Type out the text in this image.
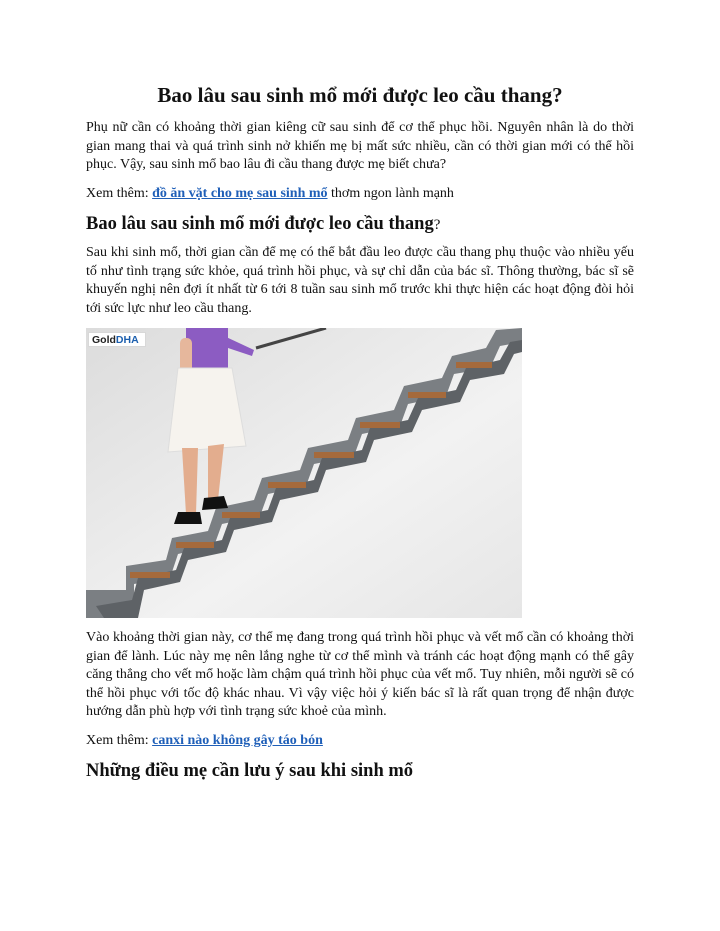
Bao lâu sau sinh mổ mới được leo cầu thang?

Phụ nữ cần có khoảng thời gian kiêng cữ sau sinh để cơ thể phục hồi. Nguyên nhân là do thời gian mang thai và quá trình sinh nở khiến mẹ bị mất sức nhiều, cần có thời gian mới có thể hồi phục. Vậy, sau sinh mổ bao lâu đi cầu thang được mẹ biết chưa?

Xem thêm: đồ ăn vặt cho mẹ sau sinh mổ thơm ngon lành mạnh

Bao lâu sau sinh mổ mới được leo cầu thang?

Sau khi sinh mổ, thời gian cần để mẹ có thể bắt đầu leo được cầu thang phụ thuộc vào nhiều yếu tố như tình trạng sức khỏe, quá trình hồi phục, và sự chỉ dẫn của bác sĩ. Thông thường, bác sĩ sẽ khuyến nghị nên đợi ít nhất từ 6 tới 8 tuần sau sinh mổ trước khi thực hiện các hoạt động đòi hỏi tới sức lực như leo cầu thang.

GoldDHA

Vào khoảng thời gian này, cơ thể mẹ đang trong quá trình hồi phục và vết mổ cần có khoảng thời gian để lành. Lúc này mẹ nên lắng nghe từ cơ thể mình và tránh các hoạt động mạnh có thể gây căng thẳng cho vết mổ hoặc làm chậm quá trình hồi phục của vết mổ. Tuy nhiên, mỗi người sẽ có thể hồi phục với tốc độ khác nhau. Vì vậy việc hỏi ý kiến bác sĩ là rất quan trọng để nhận được hướng dẫn phù hợp với tình trạng sức khoẻ của mình.

Xem thêm: canxi nào không gây táo bón

Những điều mẹ cần lưu ý sau khi sinh mổ
